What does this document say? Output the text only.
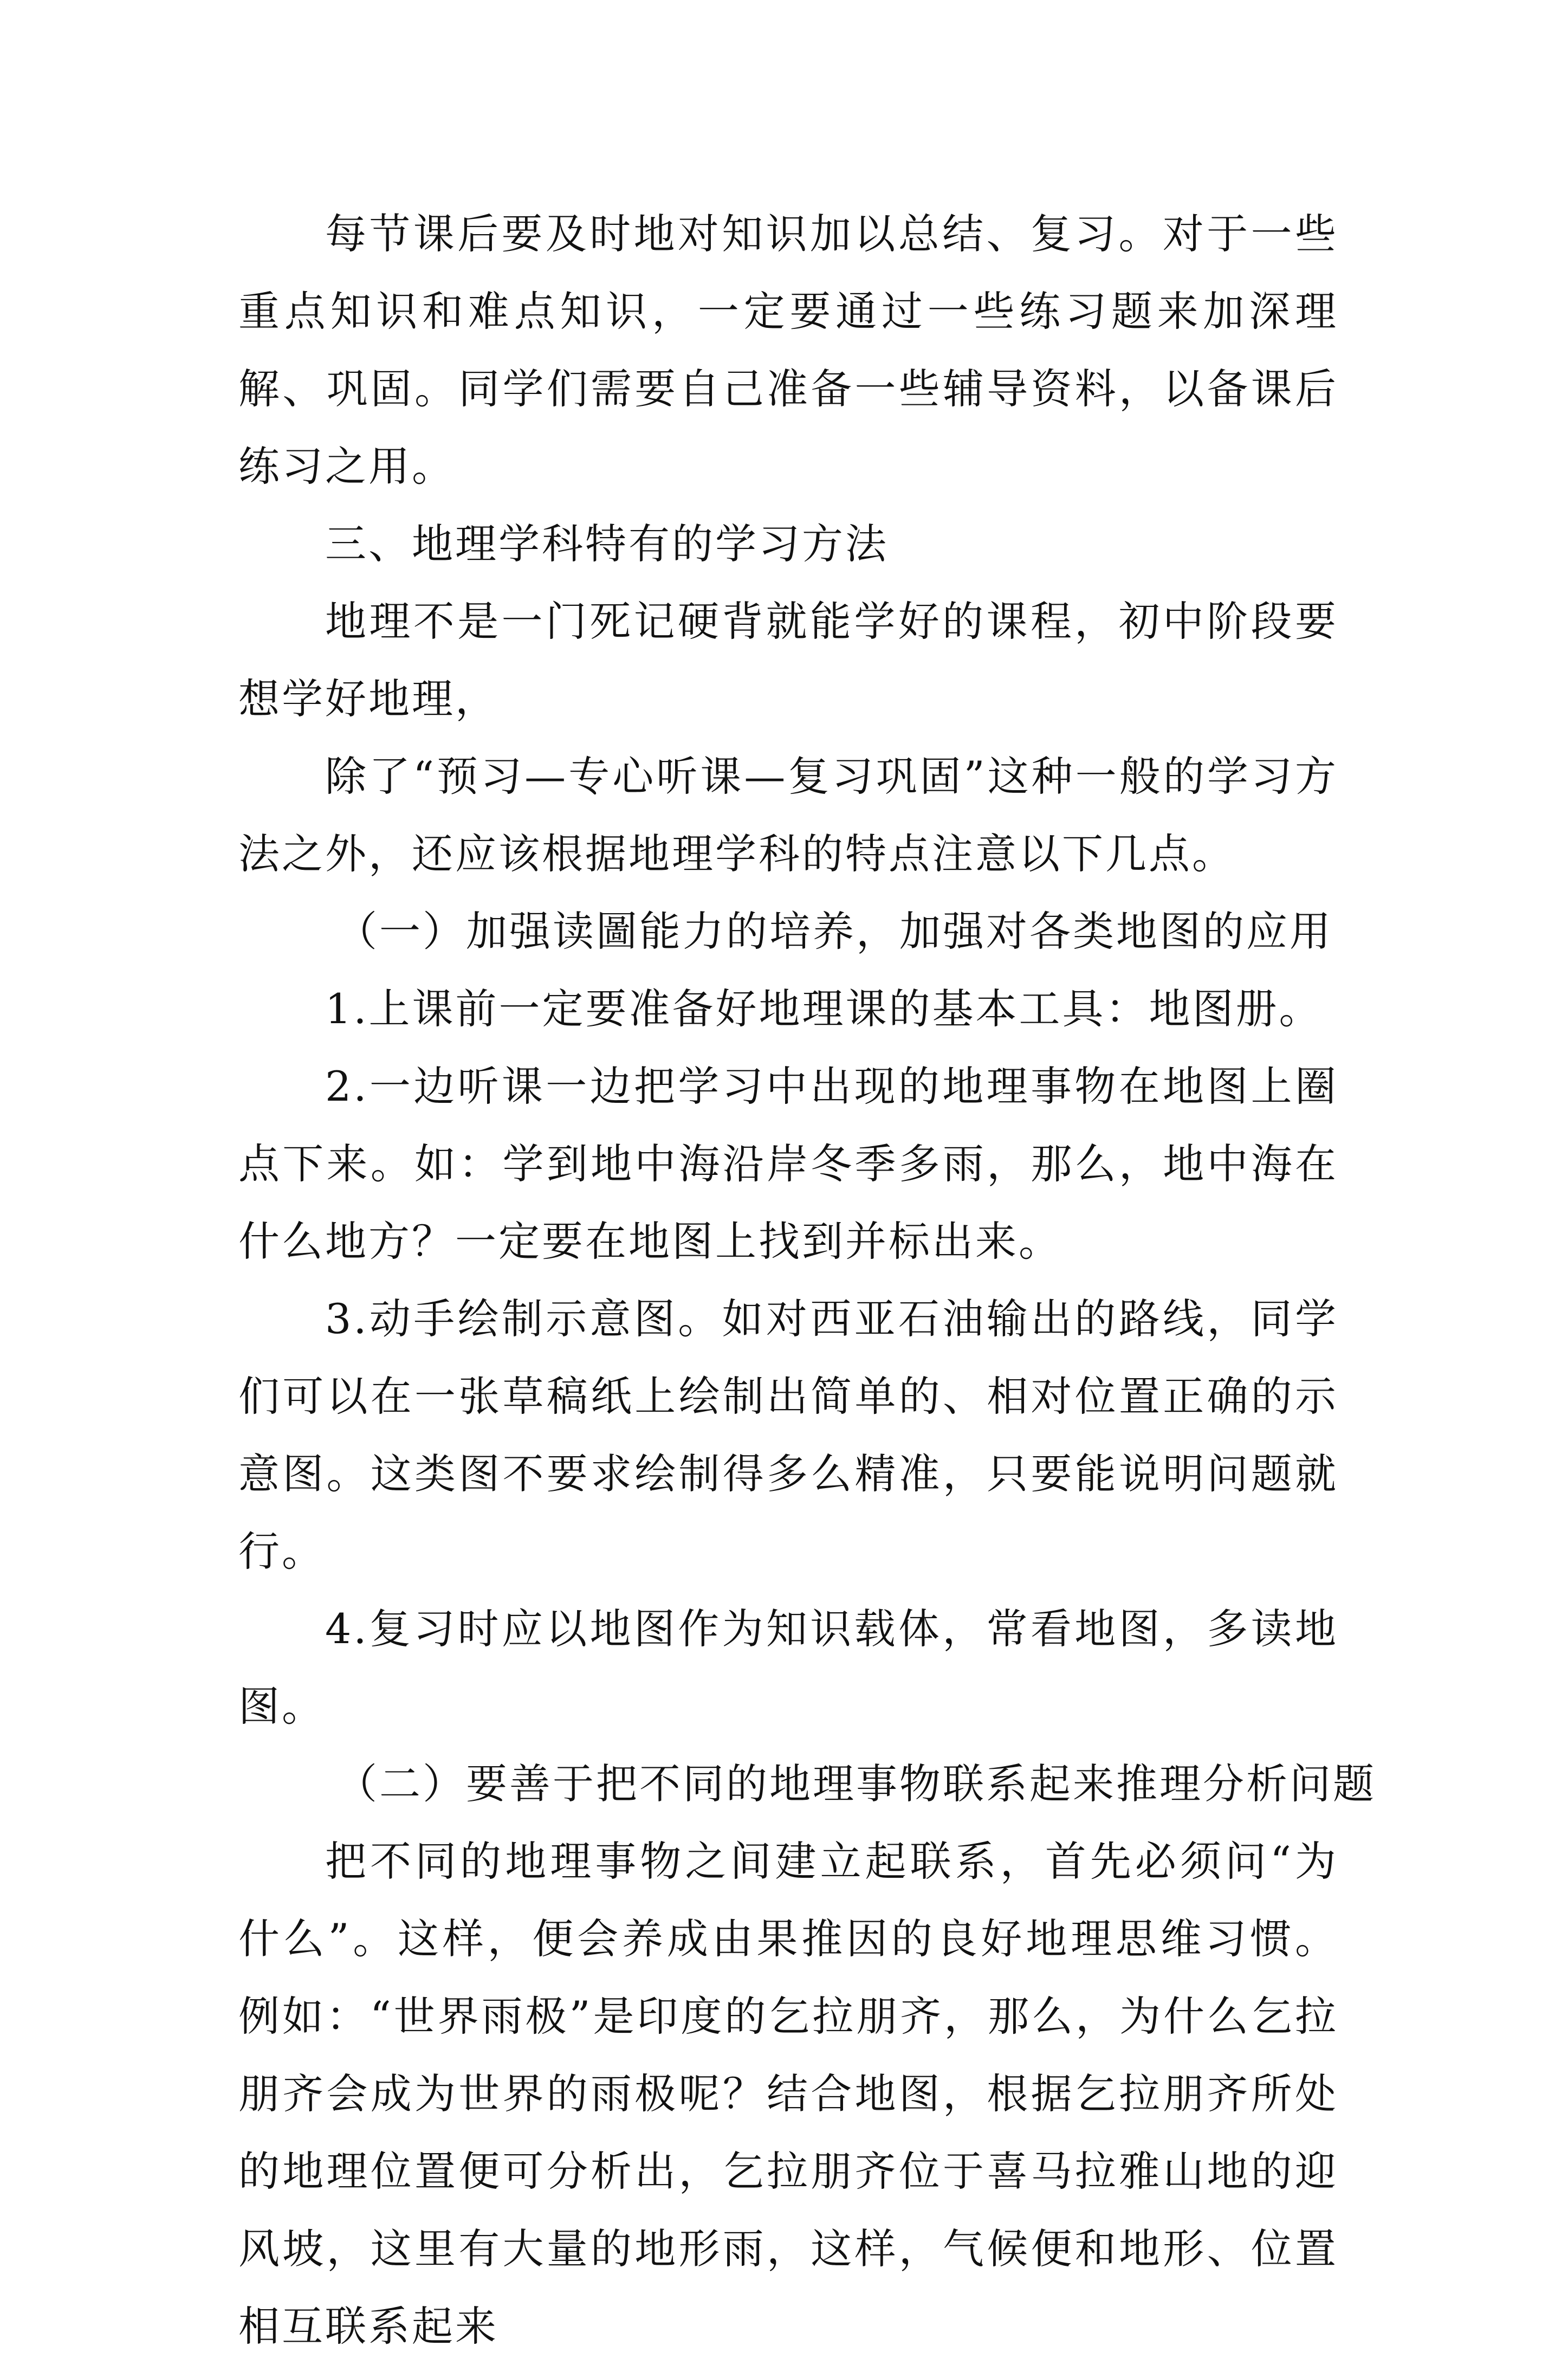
每节课后要及时地对知识加以总结、复习。对于一些重点知识和难点知识，一定要通过一些练习题来加深理解、巩固。同学们需要自己准备一些辅导资料，以备课后练习之用。

三、地理学科特有的学习方法

地理不是一门死记硬背就能学好的课程，初中阶段要想学好地理，

除了“预习—专心听课—复习巩固”这种一般的学习方法之外，还应该根据地理学科的特点注意以下几点。

（一）加强读圖能力的培养，加强对各类地图的应用

1.上课前一定要准备好地理课的基本工具：地图册。

2.一边听课一边把学习中出现的地理事物在地图上圈点下来。如：学到地中海沿岸冬季多雨，那么，地中海在什么地方？一定要在地图上找到并标出来。

3.动手绘制示意图。如对西亚石油输出的路线，同学们可以在一张草稿纸上绘制出简单的、相对位置正确的示意图。这类图不要求绘制得多么精准，只要能说明问题就行。

4.复习时应以地图作为知识载体，常看地图，多读地图。

（二）要善于把不同的地理事物联系起来推理分析问题

把不同的地理事物之间建立起联系，首先必须问“为什么”。这样，便会养成由果推因的良好地理思维习惯。例如：“世界雨极”是印度的乞拉朋齐，那么，为什么乞拉朋齐会成为世界的雨极呢？结合地图，根据乞拉朋齐所处的地理位置便可分析出，乞拉朋齐位于喜马拉雅山地的迎风坡，这里有大量的地形雨，这样，气候便和地形、位置相互联系起来
